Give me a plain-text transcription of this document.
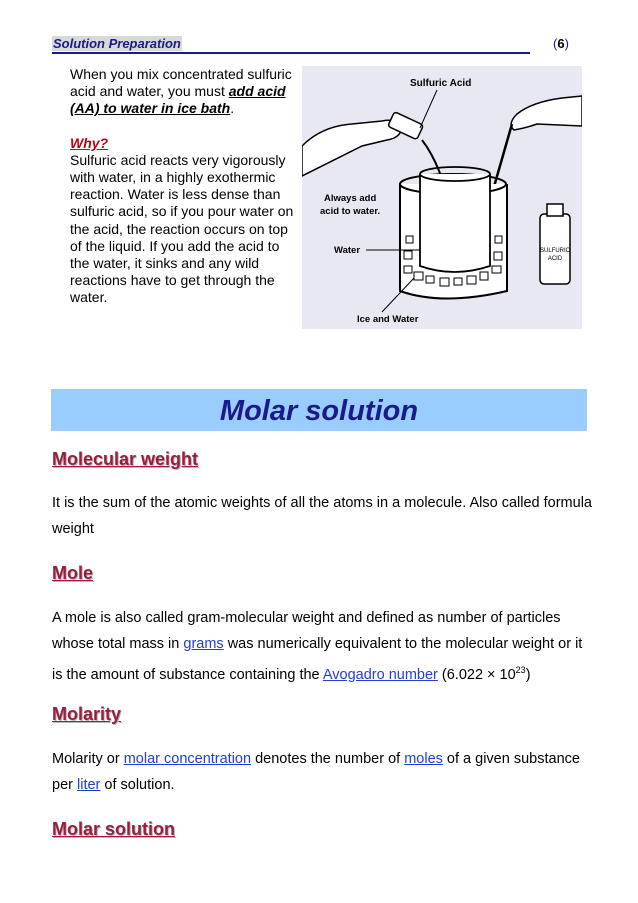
Solution Preparation	(6)

When you mix concentrated sulfuric acid and water, you must add acid (AA) to water in ice bath.

Why?

Sulfuric acid reacts very vigorously with water, in a highly exothermic reaction. Water is less dense than sulfuric acid, so if you pour water on the acid, the reaction occurs on top of the liquid. If you add the acid to the water, it sinks and any wild reactions have to get through the water.

SULFURIC
ACID
Sulfuric Acid
Always add
acid to water.
Water
Ice and Water
Molar solution
Molecular weight
It is the sum of the atomic weights of all the atoms in a molecule. Also called formula weight
Mole
A mole is also called gram-molecular weight and defined as number of particles whose total mass in grams was numerically equivalent to the molecular weight or it is the amount of substance containing the Avogadro number $(6.022 \times 10^{23})$
Molarity
Molarity or molar concentration denotes the number of moles of a given substance per liter of solution.
Molar solution
